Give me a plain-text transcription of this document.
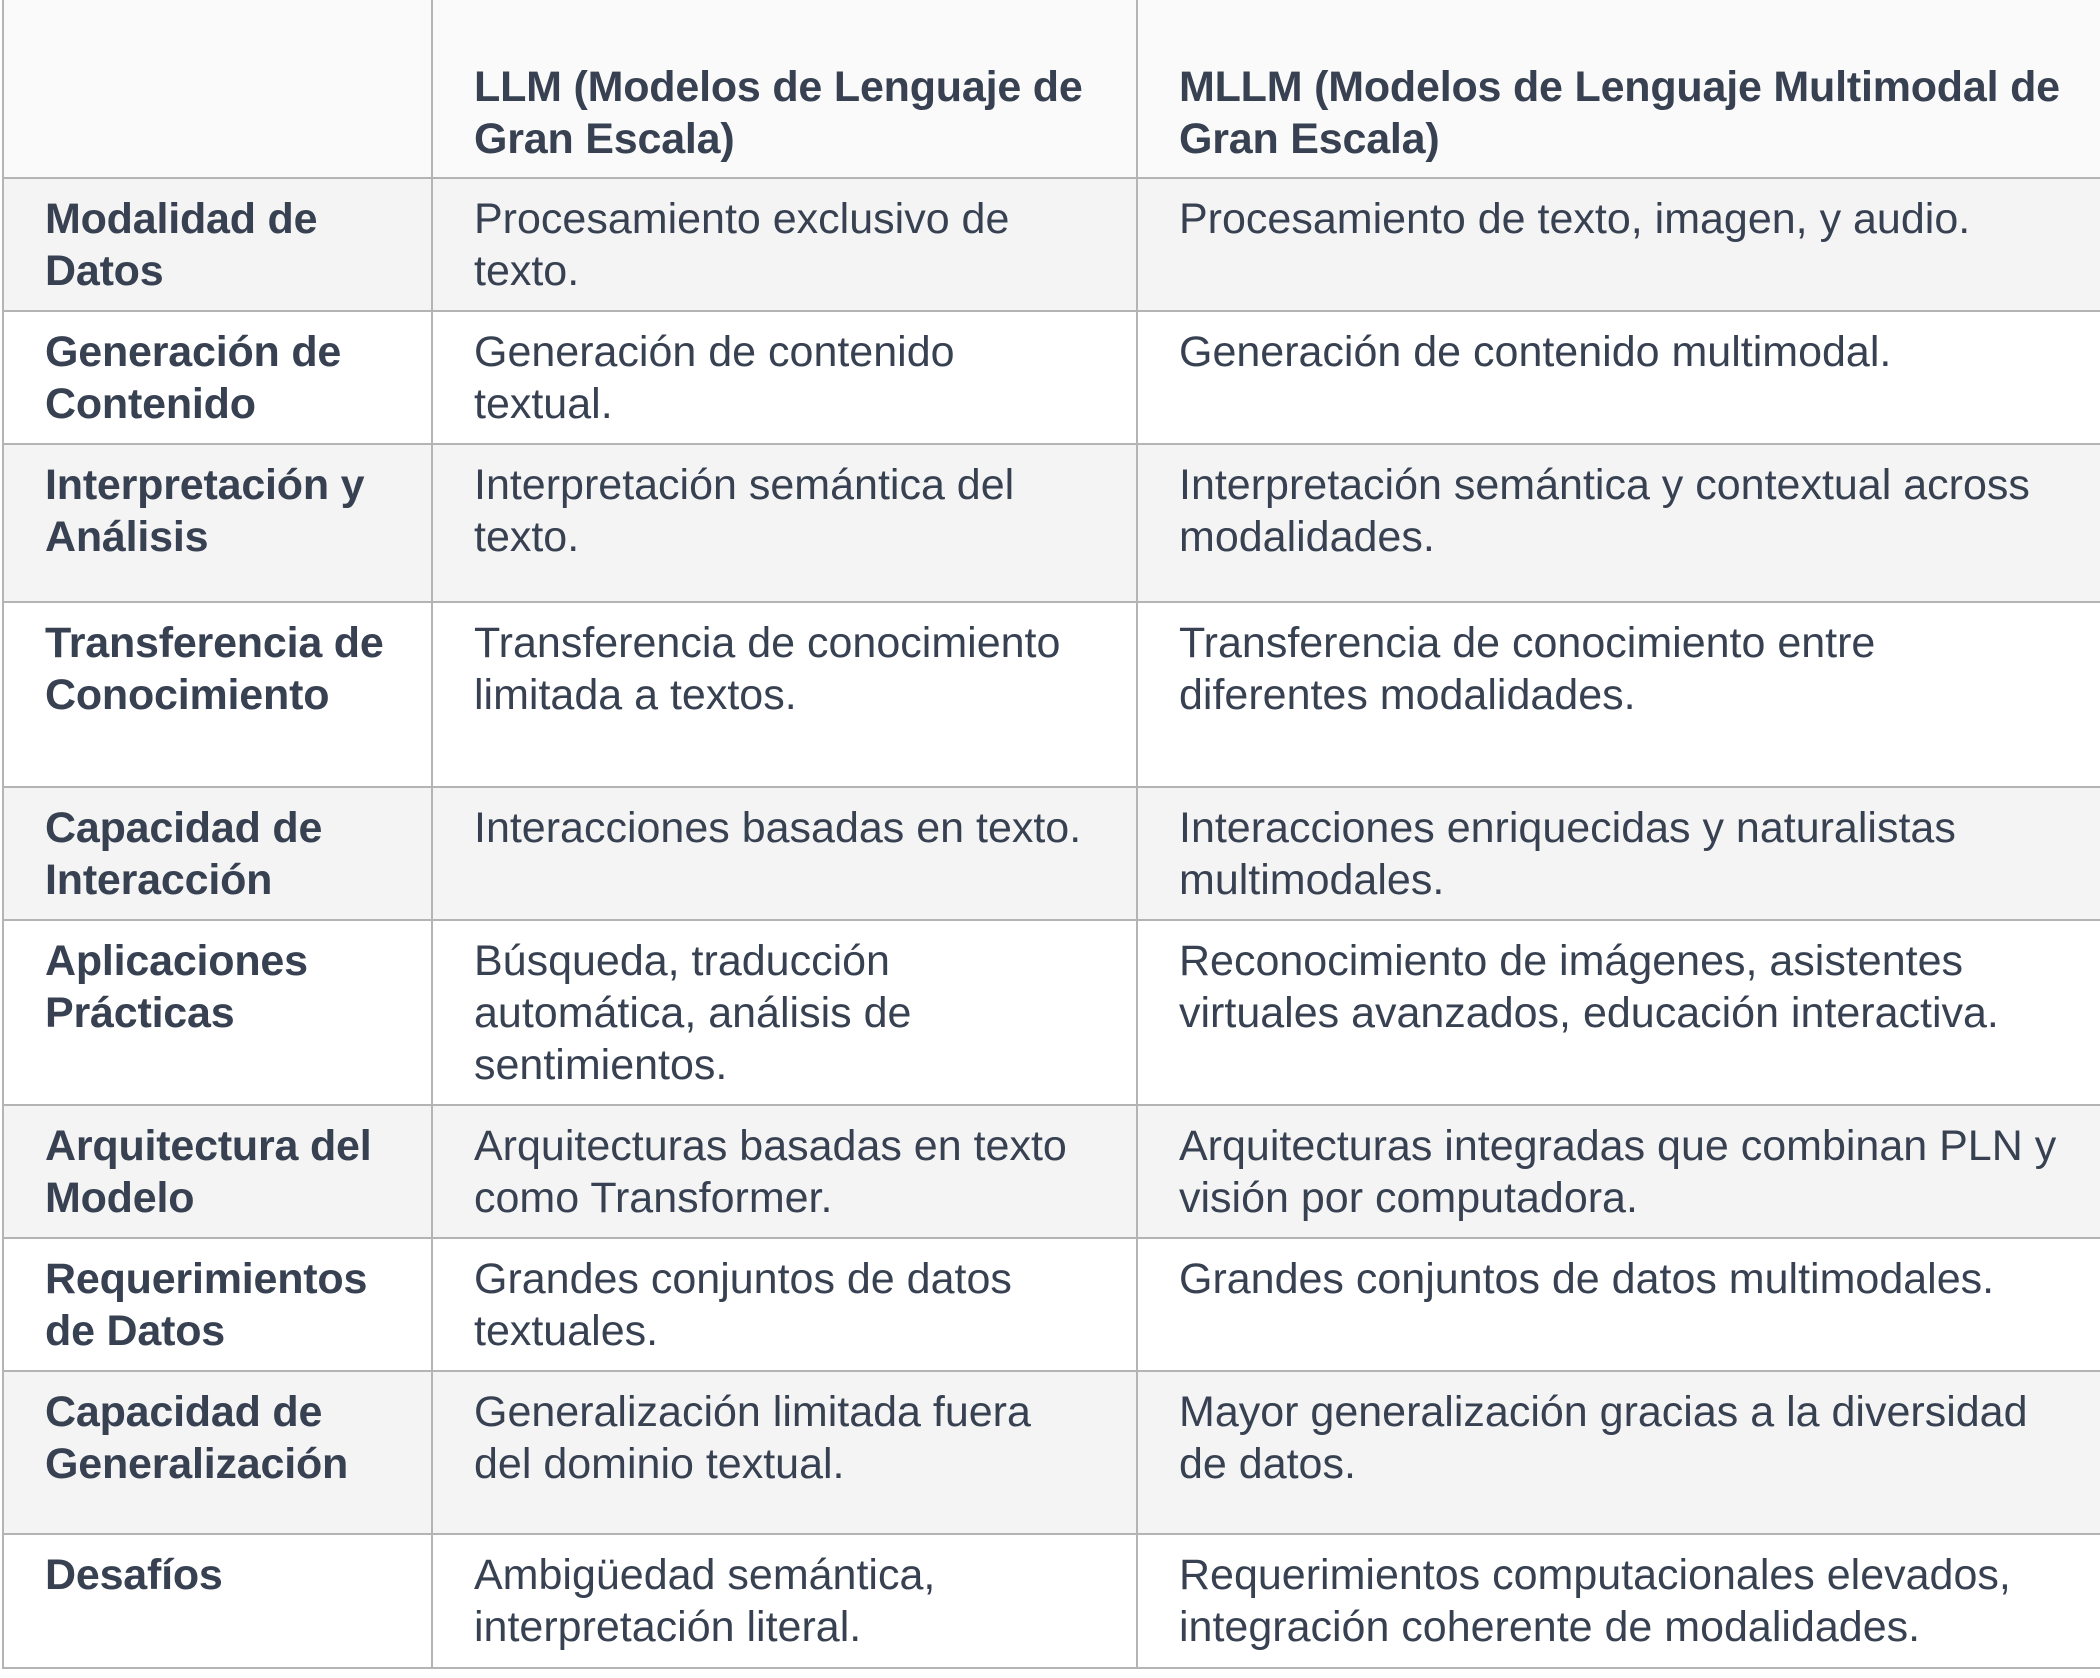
	LLM (Modelos de Lenguaje de Gran Escala)	MLLM (Modelos de Lenguaje Multimodal de Gran Escala)
Modalidad de Datos	Procesamiento exclusivo de texto.	Procesamiento de texto, imagen, y audio.
Generación de Contenido	Generación de contenido textual.	Generación de contenido multimodal.
Interpretación y Análisis	Interpretación semántica del texto.	Interpretación semántica y contextual across modalidades.
Transferencia de Conocimiento	Transferencia de conocimiento limitada a textos.	Transferencia de conocimiento entre diferentes modalidades.
Capacidad de Interacción	Interacciones basadas en texto.	Interacciones enriquecidas y naturalistas multimodales.
Aplicaciones Prácticas	Búsqueda, traducción automática, análisis de sentimientos.	Reconocimiento de imágenes, asistentes virtuales avanzados, educación interactiva.
Arquitectura del Modelo	Arquitecturas basadas en texto como Transformer.	Arquitecturas integradas que combinan PLN y visión por computadora.
Requerimientos de Datos	Grandes conjuntos de datos textuales.	Grandes conjuntos de datos multimodales.
Capacidad de Generalización	Generalización limitada fuera del dominio textual.	Mayor generalización gracias a la diversidad de datos.
Desafíos	Ambigüedad semántica, interpretación literal.	Requerimientos computacionales elevados, integración coherente de modalidades.
